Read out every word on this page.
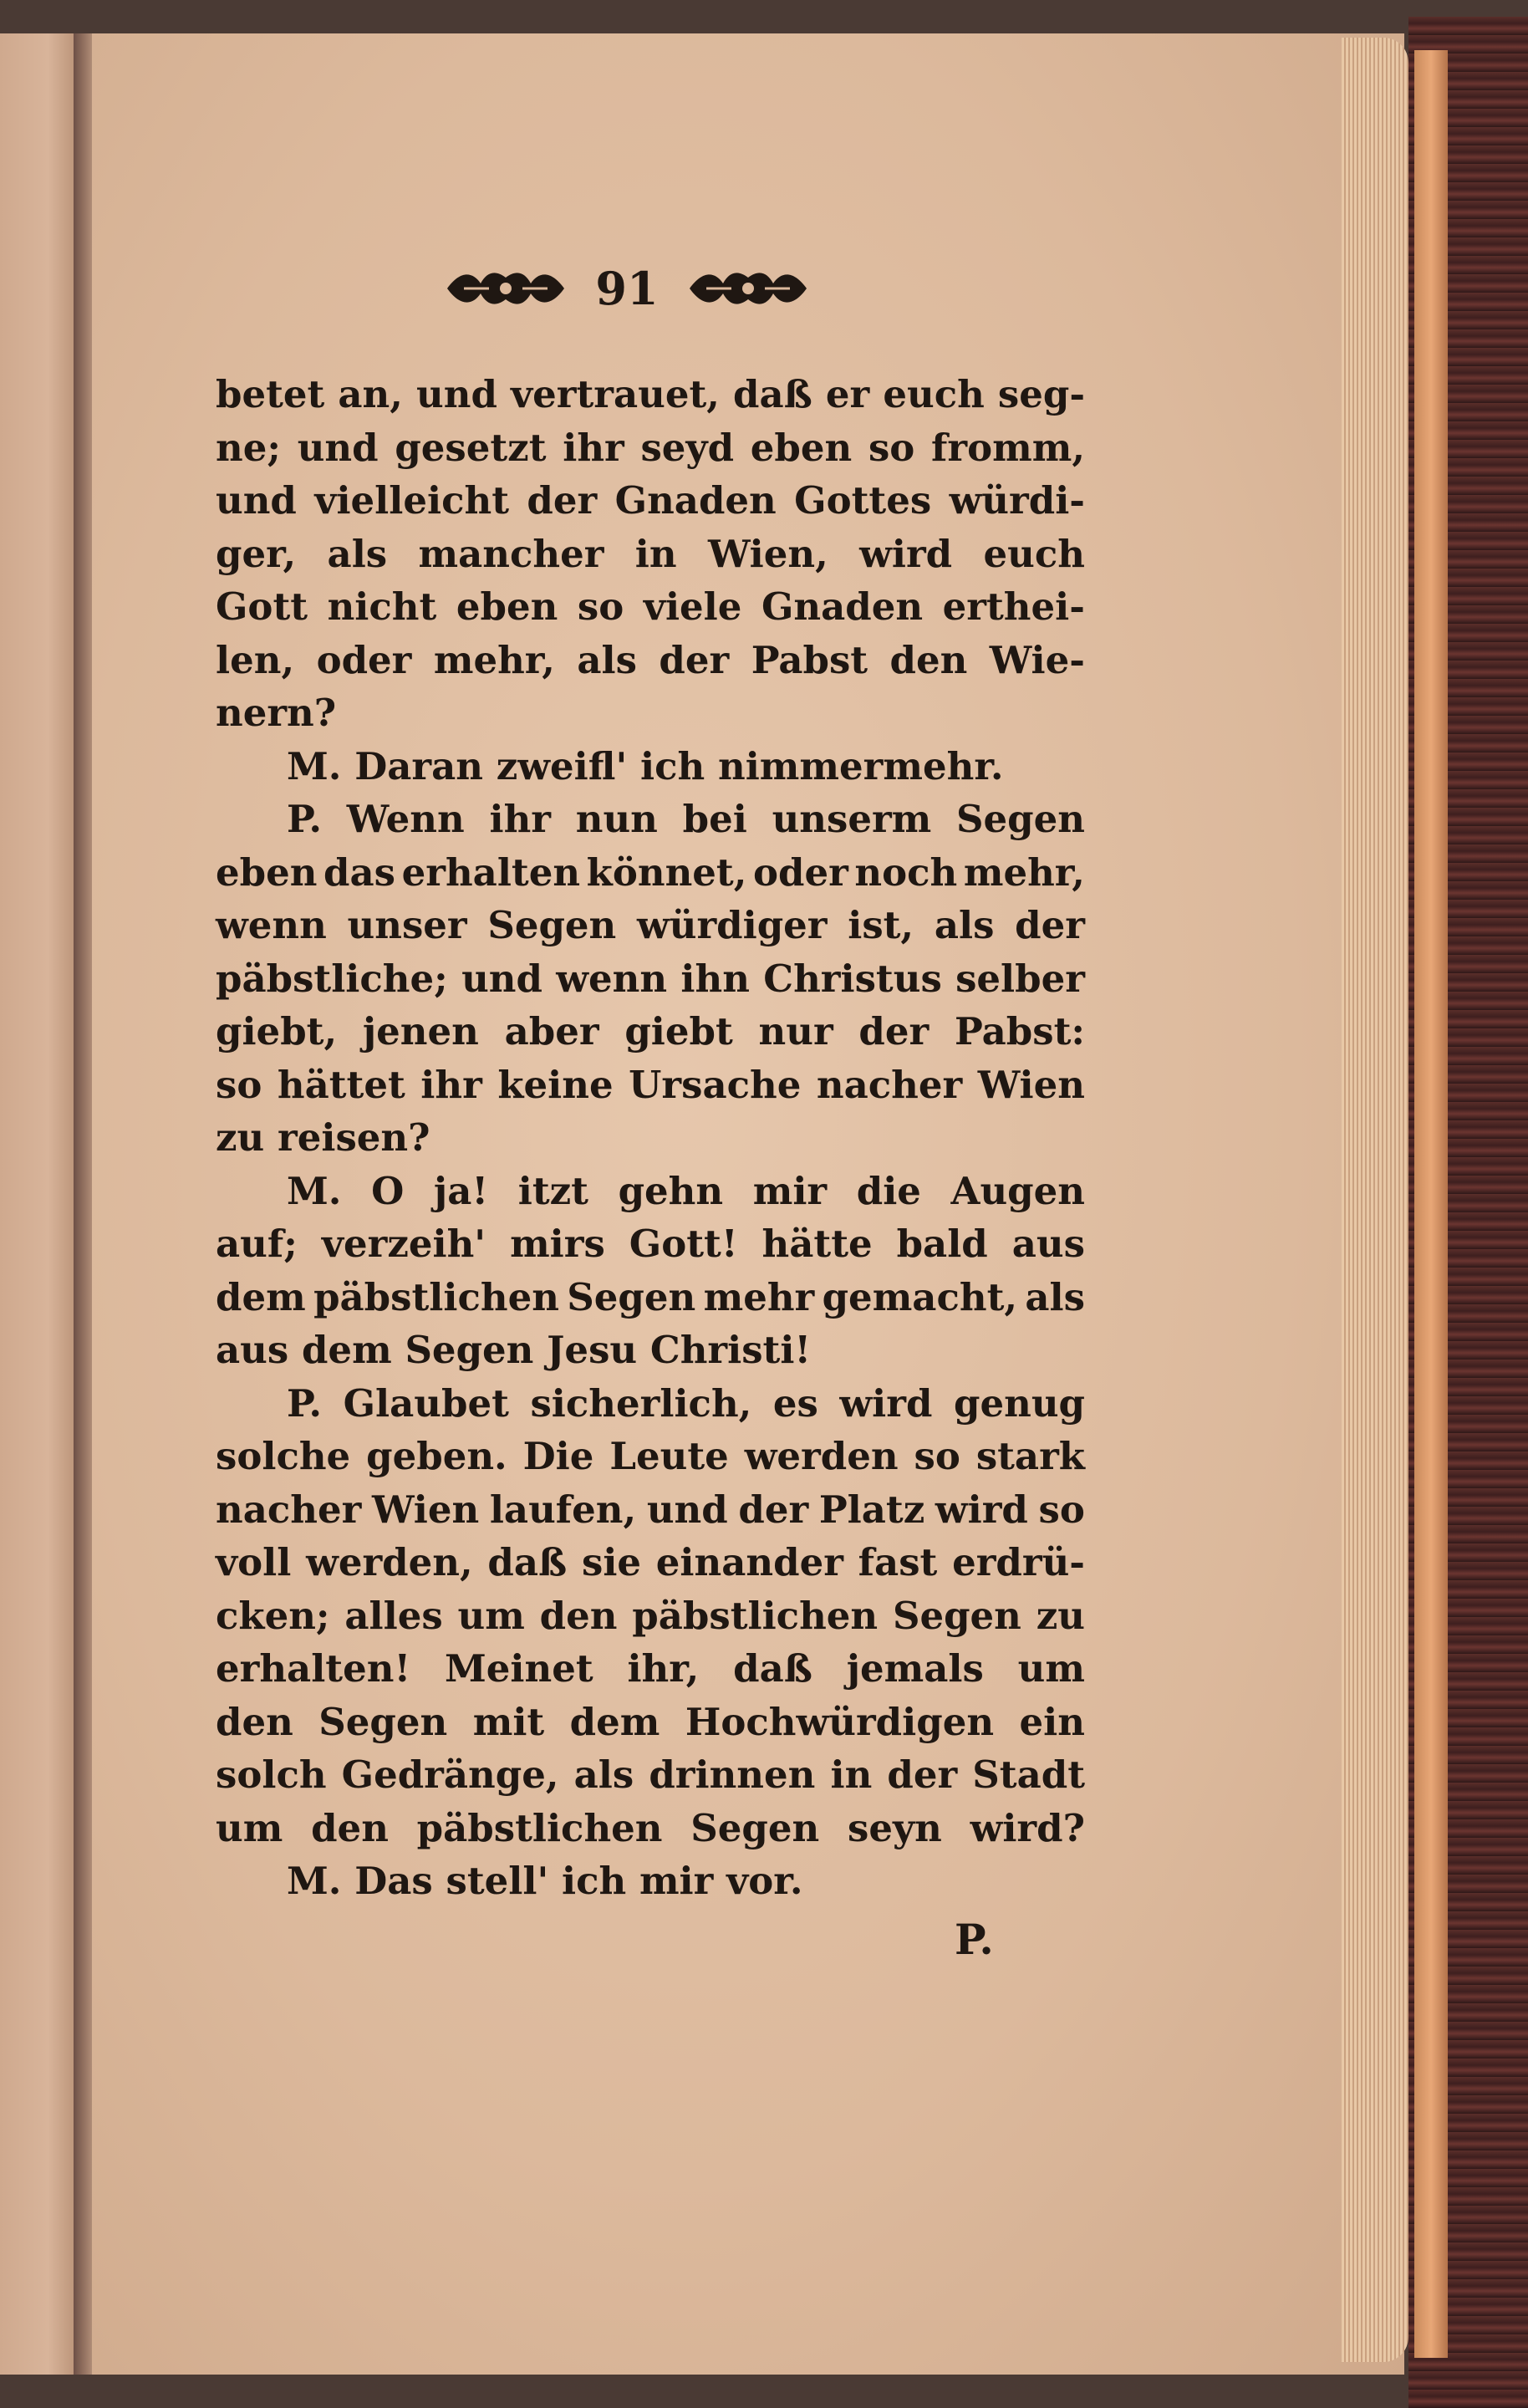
91

betet an, und vertrauet, daß er euch seg-

ne; und gesetzt ihr seyd eben so fromm,

und vielleicht der Gnaden Gottes würdi-

ger, als mancher in Wien, wird euch

Gott nicht eben so viele Gnaden erthei-

len, oder mehr, als der Pabst den Wie-

nern?

M. Daran zweifl' ich nimmermehr.

P. Wenn ihr nun bei unserm Segen

eben das erhalten könnet, oder noch mehr,

wenn unser Segen würdiger ist, als der

päbstliche; und wenn ihn Christus selber

giebt, jenen aber giebt nur der Pabst:

so hättet ihr keine Ursache nacher Wien

zu reisen?

M. O ja! itzt gehn mir die Augen

auf; verzeih' mirs Gott! hätte bald aus

dem päbstlichen Segen mehr gemacht, als

aus dem Segen Jesu Christi!

P. Glaubet sicherlich, es wird genug

solche geben. Die Leute werden so stark

nacher Wien laufen, und der Platz wird so

voll werden, daß sie einander fast erdrü-

cken; alles um den päbstlichen Segen zu

erhalten! Meinet ihr, daß jemals um

den Segen mit dem Hochwürdigen ein

solch Gedränge, als drinnen in der Stadt

um den päbstlichen Segen seyn wird?

M. Das stell' ich mir vor.

P.
